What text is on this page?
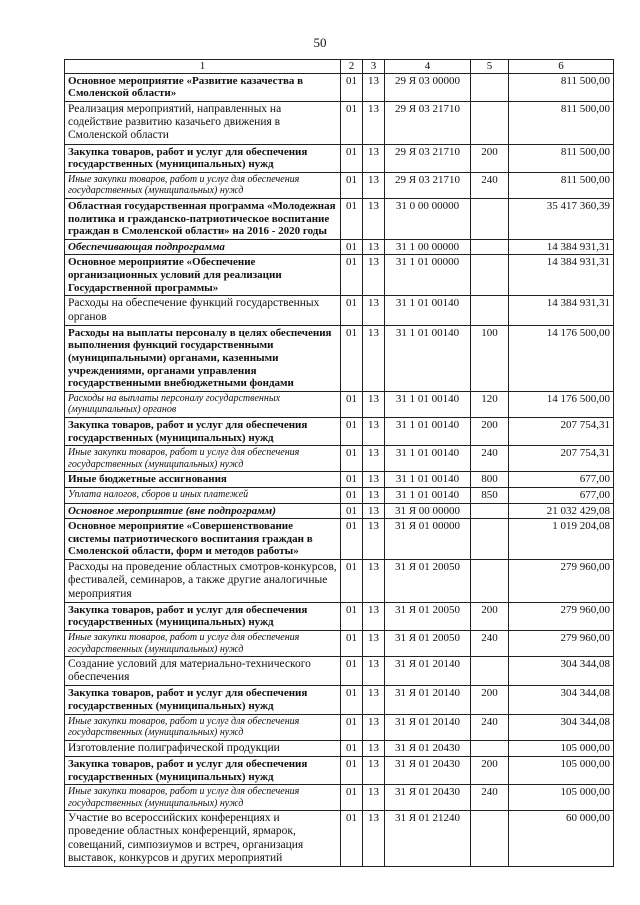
50
1	2	3	4	5	6
Основное мероприятие «Развитие казачества в Смоленской области»	01	13	29 Я 03 00000		811 500,00
Реализация мероприятий, направленных на содействие развитию казачьего движения в Смоленской области	01	13	29 Я 03 21710		811 500,00
Закупка товаров, работ и услуг для обеспечения государственных (муниципальных) нужд	01	13	29 Я 03 21710	200	811 500,00
Иные закупки товаров, работ и услуг для обеспечения государственных (муниципальных) нужд	01	13	29 Я 03 21710	240	811 500,00
Областная государственная программа «Молодежная политика и гражданско-патриотическое воспитание граждан в Смоленской области» на 2016 - 2020 годы	01	13	31 0 00 00000		35 417 360,39
Обеспечивающая подпрограмма	01	13	31 1 00 00000		14 384 931,31
Основное мероприятие «Обеспечение организационных условий для реализации Государственной программы»	01	13	31 1 01 00000		14 384 931,31
Расходы на обеспечение функций государственных органов	01	13	31 1 01 00140		14 384 931,31
Расходы на выплаты персоналу в целях обеспечения выполнения функций государственными (муниципальными) органами, казенными учреждениями, органами управления государственными внебюджетными фондами	01	13	31 1 01 00140	100	14 176 500,00
Расходы на выплаты персоналу государственных (муниципальных) органов	01	13	31 1 01 00140	120	14 176 500,00
Закупка товаров, работ и услуг для обеспечения государственных (муниципальных) нужд	01	13	31 1 01 00140	200	207 754,31
Иные закупки товаров, работ и услуг для обеспечения государственных (муниципальных) нужд	01	13	31 1 01 00140	240	207 754,31
Иные бюджетные ассигнования	01	13	31 1 01 00140	800	677,00
Уплата налогов, сборов и иных платежей	01	13	31 1 01 00140	850	677,00
Основное мероприятие (вне подпрограмм)	01	13	31 Я 00 00000		21 032 429,08
Основное мероприятие «Совершенствование системы патриотического воспитания граждан в Смоленской области, форм и методов работы»	01	13	31 Я 01 00000		1 019 204,08
Расходы на проведение областных смотров-конкурсов, фестивалей, семинаров, а также другие аналогичные мероприятия	01	13	31 Я 01 20050		279 960,00
Закупка товаров, работ и услуг для обеспечения государственных (муниципальных) нужд	01	13	31 Я 01 20050	200	279 960,00
Иные закупки товаров, работ и услуг для обеспечения государственных (муниципальных) нужд	01	13	31 Я 01 20050	240	279 960,00
Создание условий для материально-технического обеспечения	01	13	31 Я 01 20140		304 344,08
Закупка товаров, работ и услуг для обеспечения государственных (муниципальных) нужд	01	13	31 Я 01 20140	200	304 344,08
Иные закупки товаров, работ и услуг для обеспечения государственных (муниципальных) нужд	01	13	31 Я 01 20140	240	304 344,08
Изготовление полиграфической продукции	01	13	31 Я 01 20430		105 000,00
Закупка товаров, работ и услуг для обеспечения государственных (муниципальных) нужд	01	13	31 Я 01 20430	200	105 000,00
Иные закупки товаров, работ и услуг для обеспечения государственных (муниципальных) нужд	01	13	31 Я 01 20430	240	105 000,00
Участие во всероссийских конференциях и проведение областных конференций, ярмарок, совещаний, симпозиумов и встреч, организация выставок, конкурсов и других мероприятий	01	13	31 Я 01 21240		60 000,00
